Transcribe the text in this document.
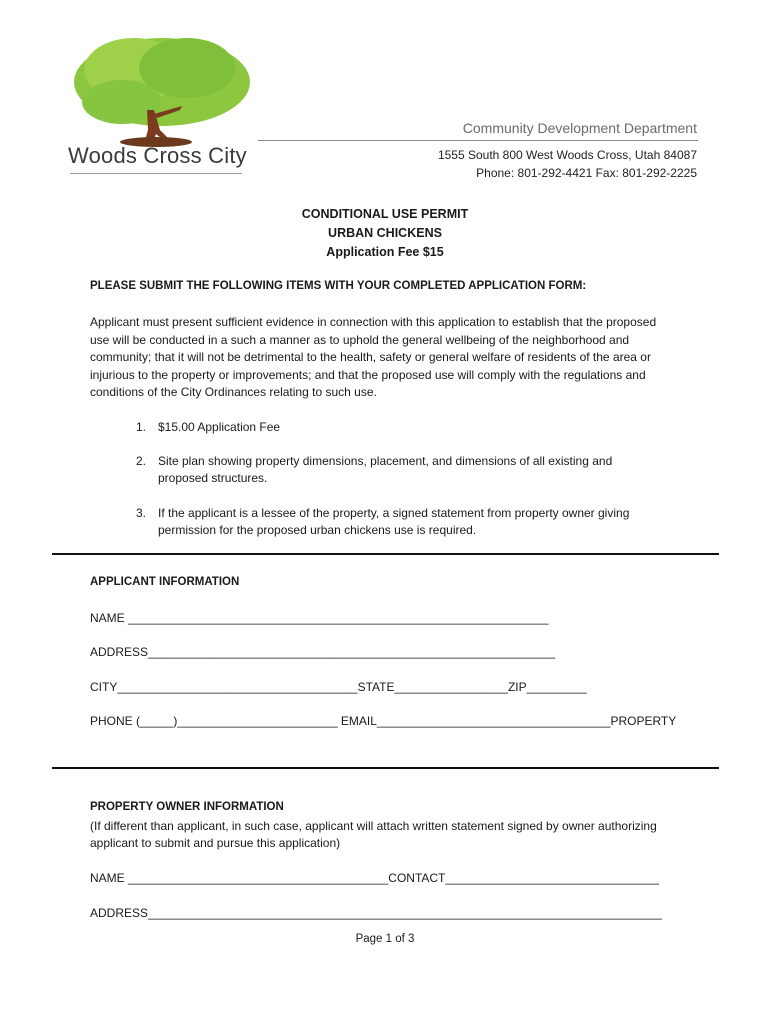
Woods Cross City
Community Development Department
1555 South 800 West Woods Cross, Utah 84087
Phone: 801-292-4421 Fax: 801-292-2225
CONDITIONAL USE PERMIT
URBAN CHICKENS
Application Fee $15
PLEASE SUBMIT THE FOLLOWING ITEMS WITH YOUR COMPLETED APPLICATION FORM:
Applicant must present sufficient evidence in connection with this application to establish that the proposed use will be conducted in a such a manner as to uphold the general wellbeing of the neighborhood and community; that it will not be detrimental to the health, safety or general welfare of residents of the area or injurious to the property or improvements; and that the proposed use will comply with the regulations and conditions of the City Ordinances relating to such use.
1. $15.00 Application Fee
2. Site plan showing property dimensions, placement, and dimensions of all existing and proposed structures.
3. If the applicant is a lessee of the property, a signed statement from property owner giving permission for the proposed urban chickens use is required.
APPLICANT INFORMATION
NAME _______________________________________________________________
ADDRESS_____________________________________________________________
CITY____________________________________STATE_________________ZIP_________
PHONE (_____)________________________ EMAIL___________________________________PROPERTY
PROPERTY OWNER INFORMATION
(If different than applicant, in such case, applicant will attach written statement signed by owner authorizing applicant to submit and pursue this application)
NAME _______________________________________CONTACT________________________________
ADDRESS_____________________________________________________________________________
Page 1 of 3
